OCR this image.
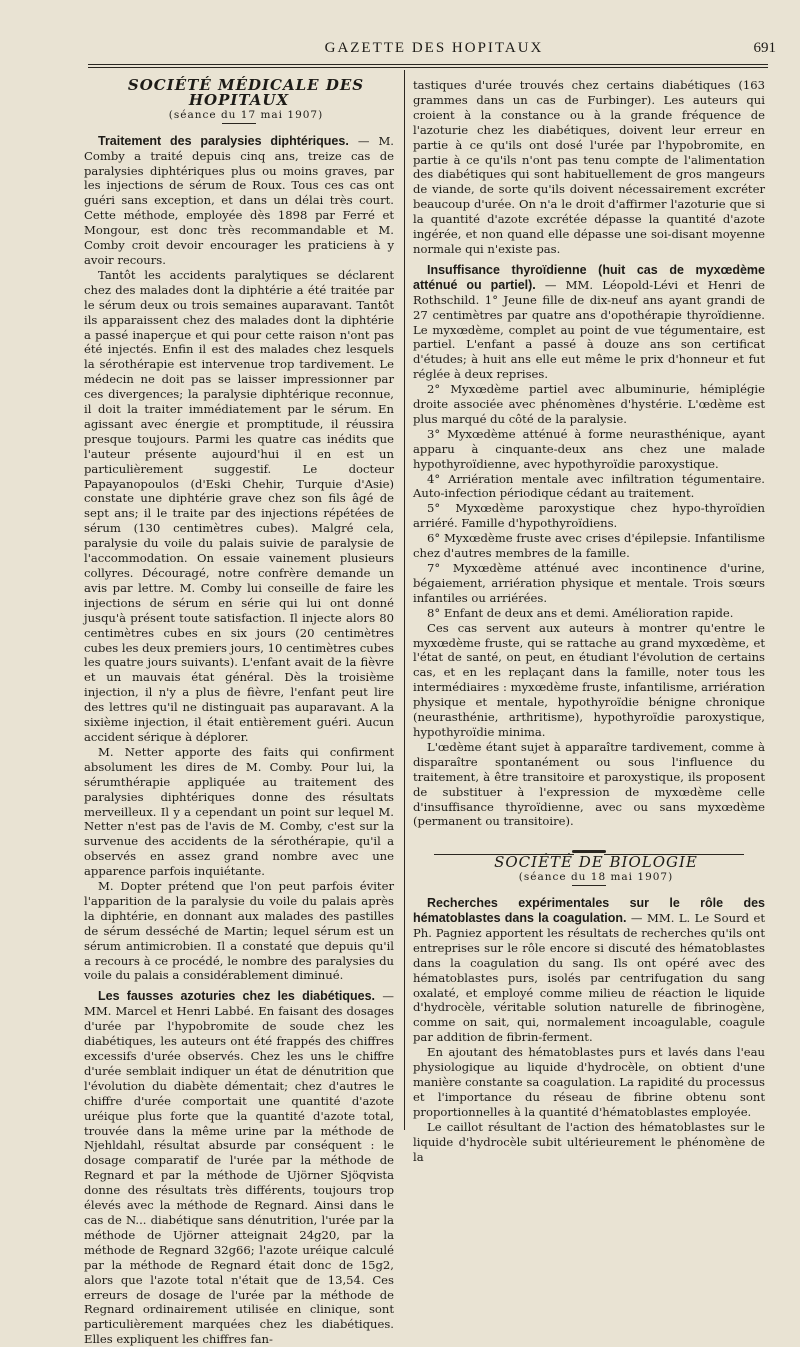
GAZETTE DES HOPITAUX	691

SOCIÉTÉ MÉDICALE DES HOPITAUX

(séance du 17 mai 1907)

Traitement des paralysies diphtériques. — M. Comby a traité depuis cinq ans, treize cas de paralysies diphtériques plus ou moins graves, par les injections de sérum de Roux. Tous ces cas ont guéri sans exception, et dans un délai très court. Cette méthode, employée dès 1898 par Ferré et Mongour, est donc très recommandable et M. Comby croit devoir encourager les praticiens à y avoir recours.

Tantôt les accidents paralytiques se déclarent chez des malades dont la diphtérie a été traitée par le sérum deux ou trois semaines auparavant. Tantôt ils apparaissent chez des malades dont la diphtérie a passé inaperçue et qui pour cette raison n'ont pas été injectés. Enfin il est des malades chez lesquels la sérothérapie est intervenue trop tardivement. Le médecin ne doit pas se laisser impressionner par ces divergences; la paralysie diphtérique reconnue, il doit la traiter immédiatement par le sérum. En agissant avec énergie et promptitude, il réussira presque toujours. Parmi les quatre cas inédits que l'auteur présente aujourd'hui il en est un particulièrement suggestif. Le docteur Papayanopoulos (d'Eski Chehir, Turquie d'Asie) constate une diphtérie grave chez son fils âgé de sept ans; il le traite par des injections répétées de sérum (130 centimètres cubes). Malgré cela, paralysie du voile du palais suivie de paralysie de l'accommodation. On essaie vainement plusieurs collyres. Découragé, notre confrère demande un avis par lettre. M. Comby lui conseille de faire les injections de sérum en série qui lui ont donné jusqu'à présent toute satisfaction. Il injecte alors 80 centimètres cubes en six jours (20 centimètres cubes les deux premiers jours, 10 centimètres cubes les quatre jours suivants). L'enfant avait de la fièvre et un mauvais état général. Dès la troisième injection, il n'y a plus de fièvre, l'enfant peut lire des lettres qu'il ne distinguait pas auparavant. A la sixième injection, il était entièrement guéri. Aucun accident sérique à déplorer.

M. Netter apporte des faits qui confirment absolument les dires de M. Comby. Pour lui, la sérumthérapie appliquée au traitement des paralysies diphtériques donne des résultats merveilleux. Il y a cependant un point sur lequel M. Netter n'est pas de l'avis de M. Comby, c'est sur la survenue des accidents de la sérothérapie, qu'il a observés en assez grand nombre avec une apparence parfois inquiétante.

M. Dopter prétend que l'on peut parfois éviter l'apparition de la paralysie du voile du palais après la diphtérie, en donnant aux malades des pastilles de sérum desséché de Martin; lequel sérum est un sérum antimicrobien. Il a constaté que depuis qu'il a recours à ce procédé, le nombre des paralysies du voile du palais a considérablement diminué.

Les fausses azoturies chez les diabétiques. — MM. Marcel et Henri Labbé. En faisant des dosages d'urée par l'hypobromite de soude chez les diabétiques, les auteurs ont été frappés des chiffres excessifs d'urée observés. Chez les uns le chiffre d'urée semblait indiquer un état de dénutrition que l'évolution du diabète démentait; chez d'autres le chiffre d'urée comportait une quantité d'azote uréique plus forte que la quantité d'azote total, trouvée dans la même urine par la méthode de Njehldahl, résultat absurde par conséquent : le dosage comparatif de l'urée par la méthode de Regnard et par la méthode de Ujörner Sjöqvista donne des résultats très différents, toujours trop élevés avec la méthode de Regnard. Ainsi dans le cas de N... diabétique sans dénutrition, l'urée par la méthode de Ujörner atteignait 24g20, par la méthode de Regnard 32g66; l'azote uréique calculé par la méthode de Regnard était donc de 15g2, alors que l'azote total n'était que de 13,54. Ces erreurs de dosage de l'urée par la méthode de Regnard ordinairement utilisée en clinique, sont particulièrement marquées chez les diabétiques. Elles expliquent les chiffres fan-

tastiques d'urée trouvés chez certains diabétiques (163 grammes dans un cas de Furbinger). Les auteurs qui croient à la constance ou à la grande fréquence de l'azoturie chez les diabétiques, doivent leur erreur en partie à ce qu'ils ont dosé l'urée par l'hypobromite, en partie à ce qu'ils n'ont pas tenu compte de l'alimentation des diabétiques qui sont habituellement de gros mangeurs de viande, de sorte qu'ils doivent nécessairement excréter beaucoup d'urée. On n'a le droit d'affirmer l'azoturie que si la quantité d'azote excrétée dépasse la quantité d'azote ingérée, et non quand elle dépasse une soi-disant moyenne normale qui n'existe pas.

Insuffisance thyroïdienne (huit cas de myxœdème atténué ou partiel). — MM. Léopold-Lévi et Henri de Rothschild. 1° Jeune fille de dix-neuf ans ayant grandi de 27 centimètres par quatre ans d'opothérapie thyroïdienne. Le myxœdème, complet au point de vue tégumentaire, est partiel. L'enfant a passé à douze ans son certificat d'études; à huit ans elle eut même le prix d'honneur et fut réglée à deux reprises.

2° Myxœdème partiel avec albuminurie, hémiplégie droite associée avec phénomènes d'hystérie. L'œdème est plus marqué du côté de la paralysie.

3° Myxœdème atténué à forme neurasthénique, ayant apparu à cinquante-deux ans chez une malade hypothyroïdienne, avec hypothyroïdie paroxystique.

4° Arriération mentale avec infiltration tégumentaire. Auto-infection périodique cédant au traitement.

5° Myxœdème paroxystique chez hypo-thyroïdien arriéré. Famille d'hypothyroïdiens.

6° Myxœdème fruste avec crises d'épilepsie. Infantilisme chez d'autres membres de la famille.

7° Myxœdème atténué avec incontinence d'urine, bégaiement, arriération physique et mentale. Trois sœurs infantiles ou arriérées.

8° Enfant de deux ans et demi. Amélioration rapide.

Ces cas servent aux auteurs à montrer qu'entre le myxœdème fruste, qui se rattache au grand myxœdème, et l'état de santé, on peut, en étudiant l'évolution de certains cas, et en les replaçant dans la famille, noter tous les intermédiaires : myxœdème fruste, infantilisme, arriération physique et mentale, hypothyroïdie bénigne chronique (neurasthénie, arthritisme), hypothyroïdie paroxystique, hypothyroïdie minima.

L'œdème étant sujet à apparaître tardivement, comme à disparaître spontanément ou sous l'influence du traitement, à être transitoire et paroxystique, ils proposent de substituer à l'expression de myxœdème celle d'insuffisance thyroïdienne, avec ou sans myxœdème (permanent ou transitoire).

SOCIÉTÉ DE BIOLOGIE

(séance du 18 mai 1907)

Recherches expérimentales sur le rôle des hématoblastes dans la coagulation. — MM. L. Le Sourd et Ph. Pagniez apportent les résultats de recherches qu'ils ont entreprises sur le rôle encore si discuté des hématoblastes dans la coagulation du sang. Ils ont opéré avec des hématoblastes purs, isolés par centrifugation du sang oxalaté, et employé comme milieu de réaction le liquide d'hydrocèle, véritable solution naturelle de fibrinogène, comme on sait, qui, normalement incoagulable, coagule par addition de fibrin-ferment.

En ajoutant des hématoblastes purs et lavés dans l'eau physiologique au liquide d'hydrocèle, on obtient d'une manière constante sa coagulation. La rapidité du processus et l'importance du réseau de fibrine obtenu sont proportionnelles à la quantité d'hématoblastes employée.

Le caillot résultant de l'action des hématoblastes sur le liquide d'hydrocèle subit ultérieurement le phénomène de la
